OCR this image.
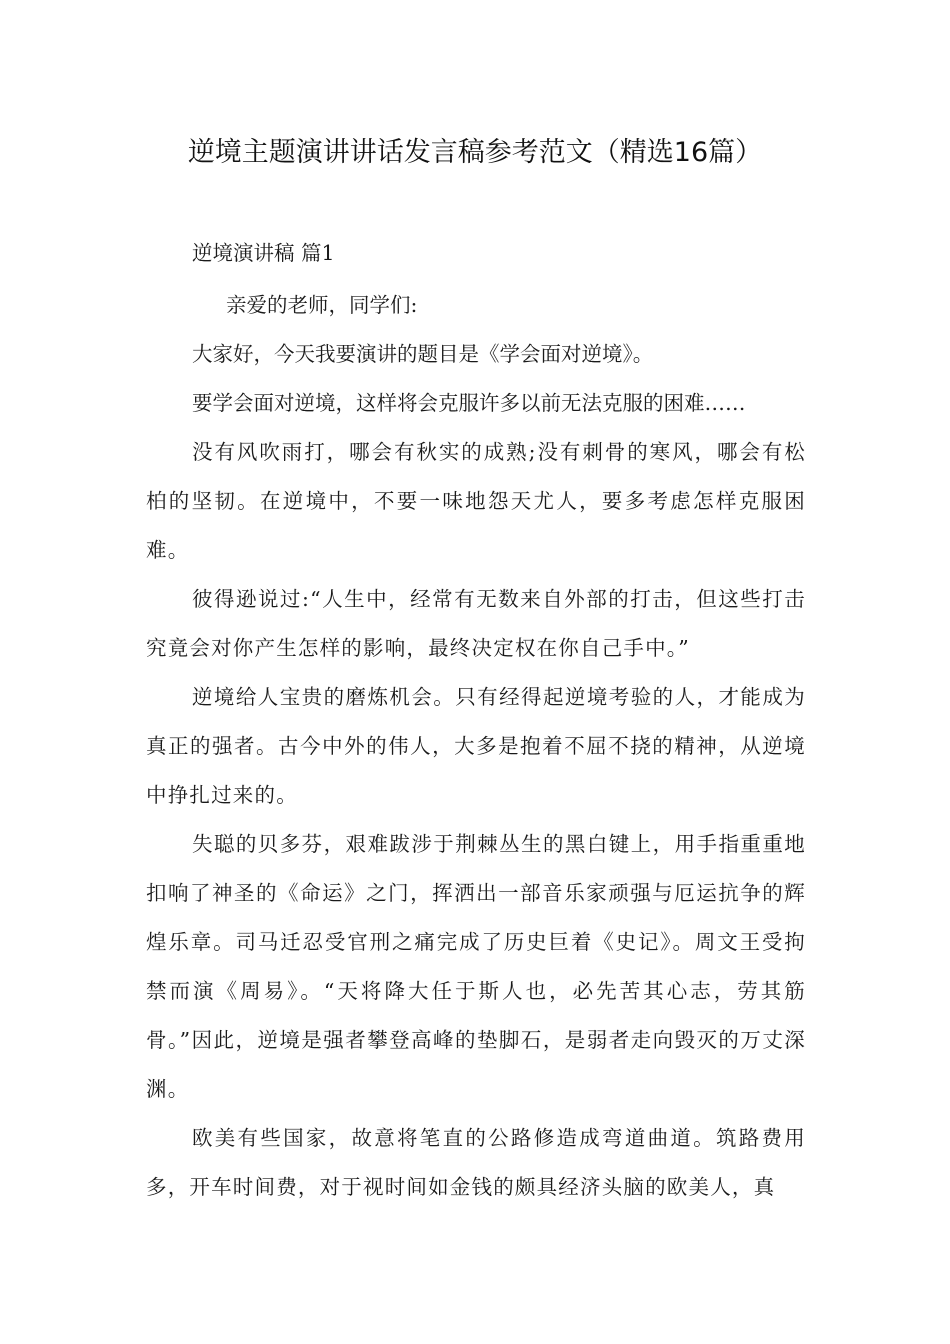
逆境主题演讲讲话发言稿参考范文（精选16篇）
逆境演讲稿 篇1

亲爱的老师，同学们:

大家好，今天我要演讲的题目是《学会面对逆境》。

要学会面对逆境，这样将会克服许多以前无法克服的困难……

没有风吹雨打，哪会有秋实的成熟;没有刺骨的寒风，哪会有松柏的坚韧。在逆境中，不要一味地怨天尤人，要多考虑怎样克服困难。

彼得逊说过:“人生中，经常有无数来自外部的打击，但这些打击究竟会对你产生怎样的影响，最终决定权在你自己手中。”

逆境给人宝贵的磨炼机会。只有经得起逆境考验的人，才能成为真正的强者。古今中外的伟人，大多是抱着不屈不挠的精神，从逆境中挣扎过来的。

失聪的贝多芬，艰难跋涉于荆棘丛生的黑白键上，用手指重重地扣响了神圣的《命运》之门，挥洒出一部音乐家顽强与厄运抗争的辉煌乐章。司马迁忍受官刑之痛完成了历史巨着《史记》。周文王受拘禁而演《周易》。“天将降大任于斯人也，必先苦其心志，劳其筋骨。”因此，逆境是强者攀登高峰的垫脚石，是弱者走向毁灭的万丈深渊。

欧美有些国家，故意将笔直的公路修造成弯道曲道。筑路费用多，开车时间费，对于视时间如金钱的颇具经济头脑的欧美人，真
